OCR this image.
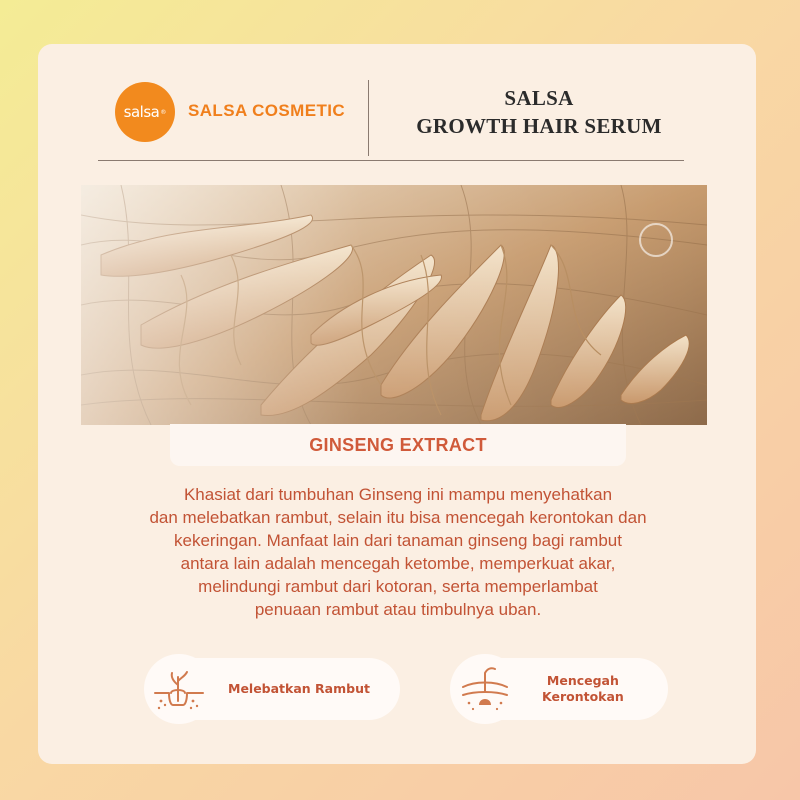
salsa ® SALSA COSMETIC
SALSA
GROWTH HAIR SERUM
GINSENG EXTRACT

Khasiat dari tumbuhan Ginseng ini mampu menyehatkan

dan melebatkan rambut, selain itu bisa mencegah kerontokan dan

kekeringan. Manfaat lain dari tanaman ginseng bagi rambut

antara lain adalah mencegah ketombe, memperkuat akar,

melindungi rambut dari kotoran, serta memperlambat

penuaan rambut atau timbulnya uban.

Melebatkan Rambut
Mencegah
Kerontokan
